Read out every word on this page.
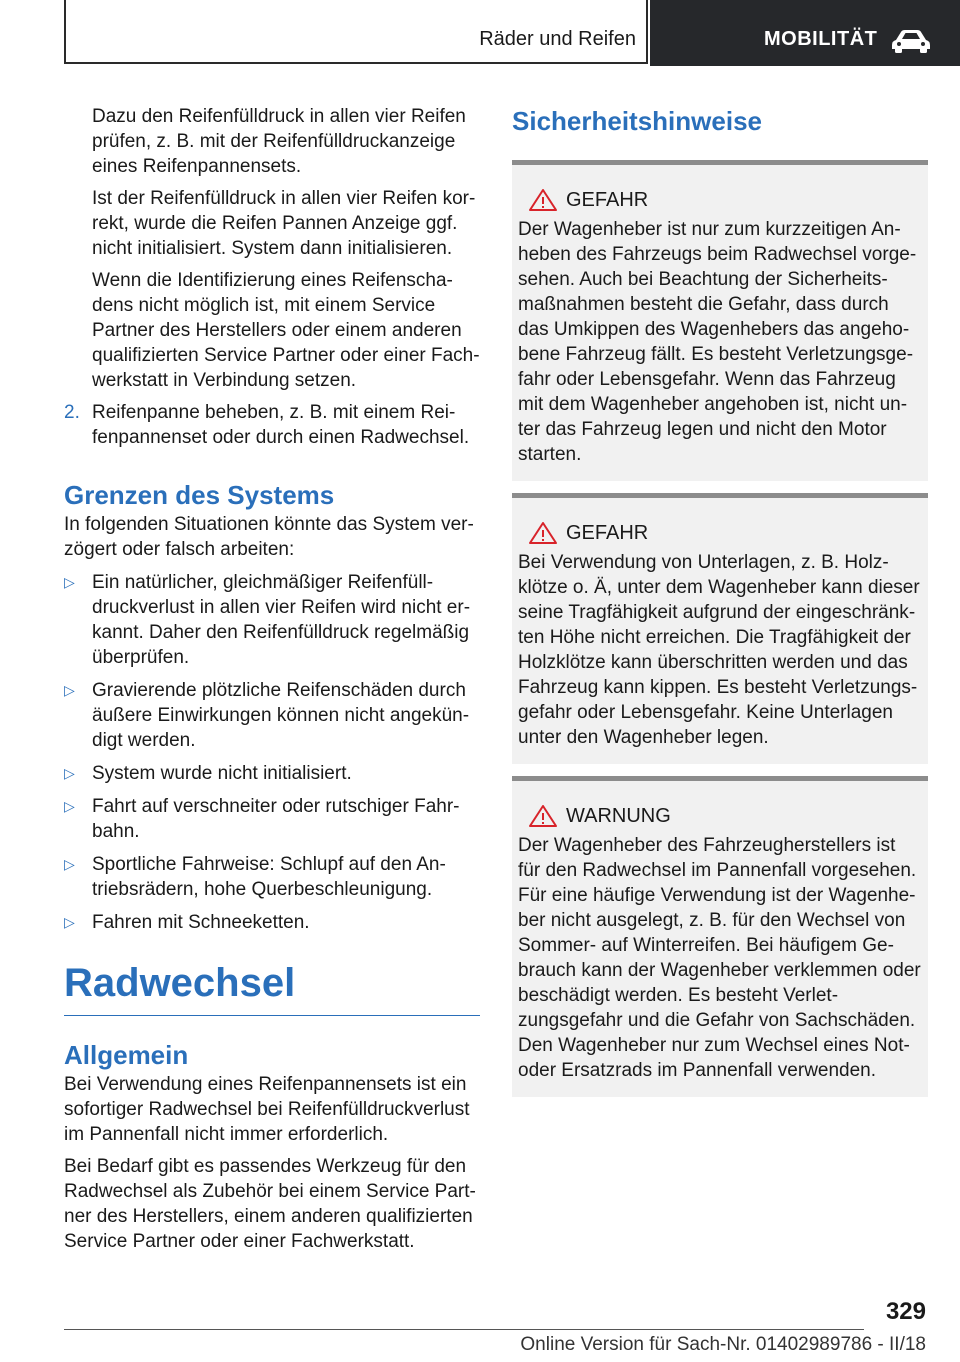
Räder und Reifen	MOBILITÄT

Dazu den Reifenfülldruck in allen vier Reifen prüfen, z. B. mit der Reifenfülldruckanzeige eines Reifenpannensets.

Ist der Reifenfülldruck in allen vier Reifen korrekt, wurde die Reifen Pannen Anzeige ggf. nicht initialisiert. System dann initialisieren.

Wenn die Identifizierung eines Reifenschadens nicht möglich ist, mit einem Service Partner des Herstellers oder einem anderen qualifizierten Service Partner oder einer Fachwerkstatt in Verbindung setzen.

2. Reifenpanne beheben, z. B. mit einem Reifenpannenset oder durch einen Radwechsel.
Grenzen des Systems

In folgenden Situationen könnte das System verzögert oder falsch arbeiten:

▷ Ein natürlicher, gleichmäßiger Reifenfülldruckverlust in allen vier Reifen wird nicht erkannt. Daher den Reifenfülldruck regelmäßig überprüfen.
▷ Gravierende plötzliche Reifenschäden durch äußere Einwirkungen können nicht angekündigt werden.
▷ System wurde nicht initialisiert.
▷ Fahrt auf verschneiter oder rutschiger Fahrbahn.
▷ Sportliche Fahrweise: Schlupf auf den Antriebsrädern, hohe Querbeschleunigung.
▷ Fahren mit Schneeketten.
Radwechsel
Allgemein

Bei Verwendung eines Reifenpannensets ist ein sofortiger Radwechsel bei Reifenfülldruckverlust im Pannenfall nicht immer erforderlich.

Bei Bedarf gibt es passendes Werkzeug für den Radwechsel als Zubehör bei einem Service Partner des Herstellers, einem anderen qualifizierten Service Partner oder einer Fachwerkstatt.

Sicherheitshinweise
GEFAHR

Der Wagenheber ist nur zum kurzzeitigen Anheben des Fahrzeugs beim Radwechsel vorgesehen. Auch bei Beachtung der Sicherheitsmaßnahmen besteht die Gefahr, dass durch das Umkippen des Wagenhebers das angehobene Fahrzeug fällt. Es besteht Verletzungsgefahr oder Lebensgefahr. Wenn das Fahrzeug mit dem Wagenheber angehoben ist, nicht unter das Fahrzeug legen und nicht den Motor starten.

GEFAHR

Bei Verwendung von Unterlagen, z. B. Holzklötze o. Ä, unter dem Wagenheber kann dieser seine Tragfähigkeit aufgrund der eingeschränkten Höhe nicht erreichen. Die Tragfähigkeit der Holzklötze kann überschritten werden und das Fahrzeug kann kippen. Es besteht Verletzungsgefahr oder Lebensgefahr. Keine Unterlagen unter den Wagenheber legen.

WARNUNG

Der Wagenheber des Fahrzeugherstellers ist für den Radwechsel im Pannenfall vorgesehen. Für eine häufige Verwendung ist der Wagenheber nicht ausgelegt, z. B. für den Wechsel von Sommer- auf Winterreifen. Bei häufigem Gebrauch kann der Wagenheber verklemmen oder beschädigt werden. Es besteht Verletzungsgefahr und die Gefahr von Sachschäden. Den Wagenheber nur zum Wechsel eines Not- oder Ersatzrads im Pannenfall verwenden.

329
Online Version für Sach-Nr. 01402989786 - II/18
